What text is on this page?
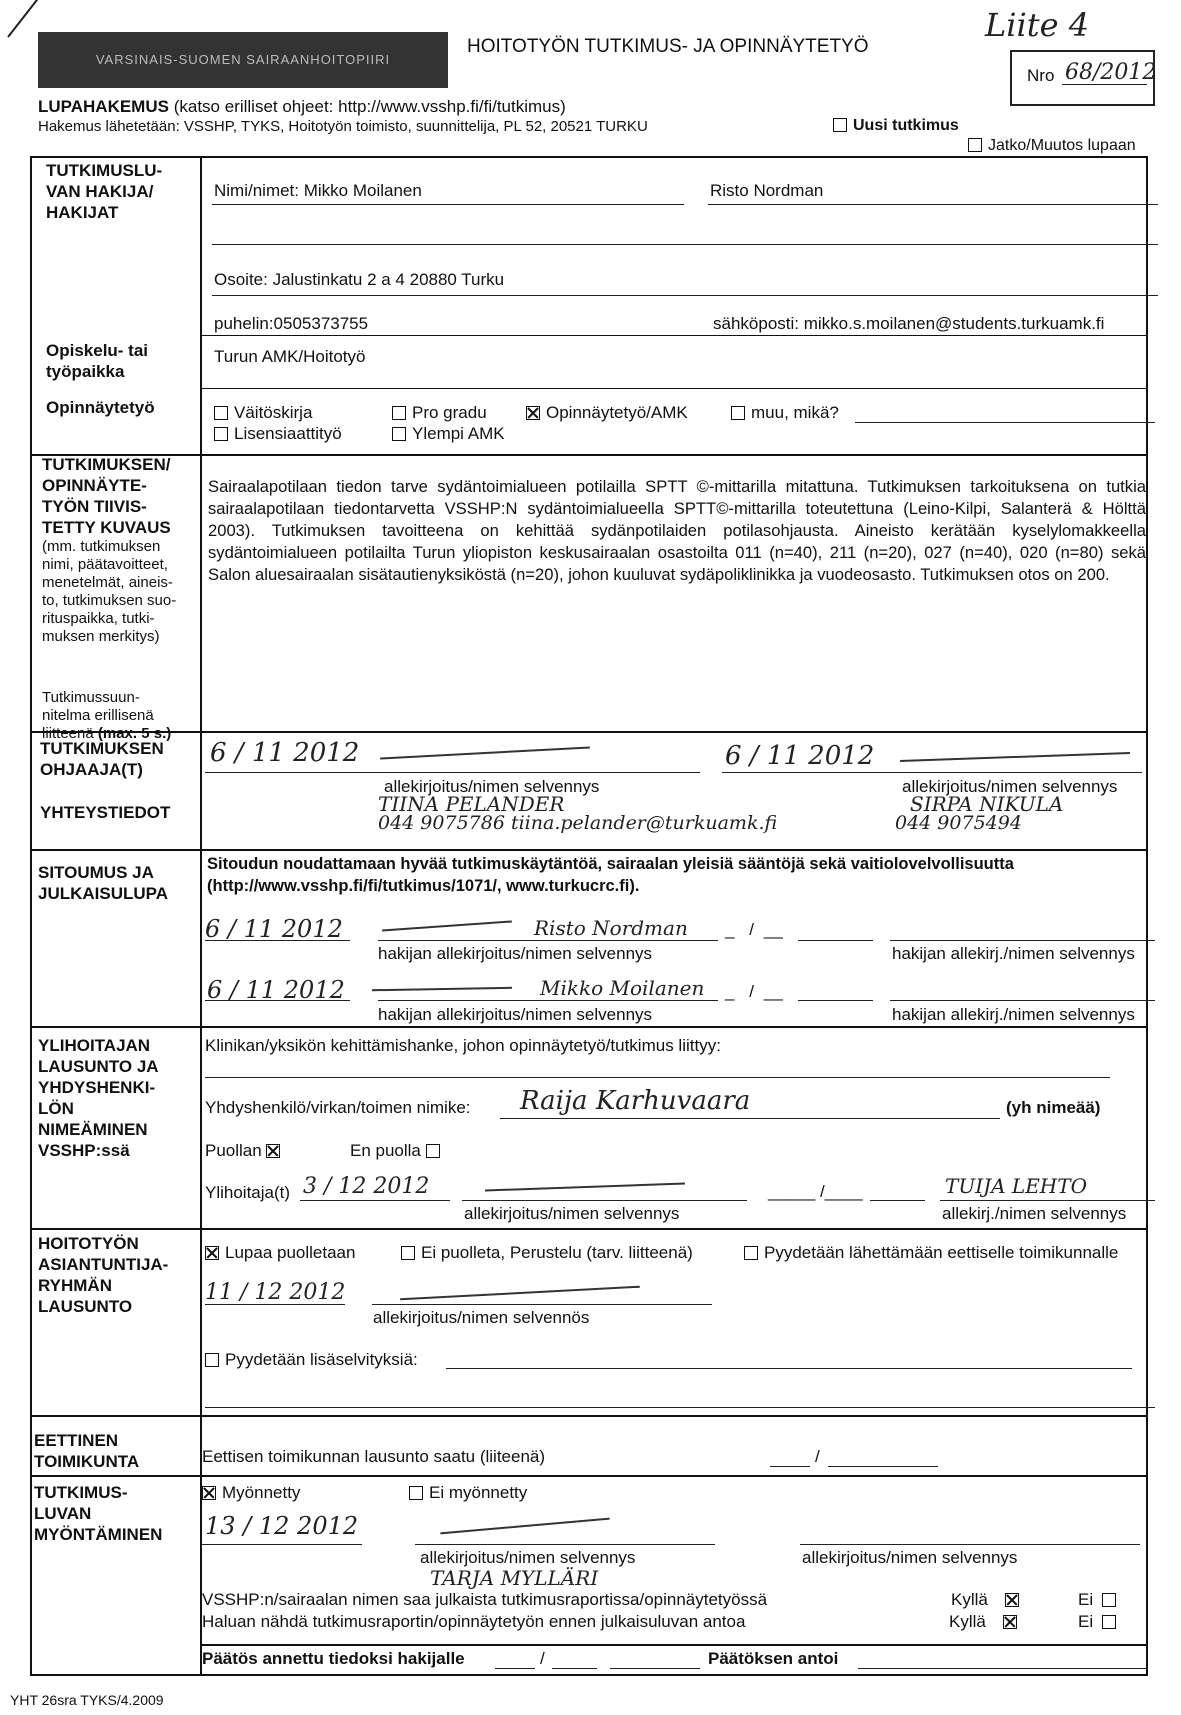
VARSINAIS-SUOMEN SAIRAANHOITOPIIRI
HOITOTYÖN TUTKIMUS- JA OPINNÄYTETYÖ
Liite 4
Nro 68/2012
LUPAHAKEMUS (katso erilliset ohjeet: http://www.vsshp.fi/fi/tutkimus)
Hakemus lähetetään: VSSHP, TYKS, Hoitotyön toimisto, suunnittelija, PL 52, 20521 TURKU	Uusi tutkimus
Jatko/Muutos lupaan
TUTKIMUSLU-
VAN HAKIJA/
HAKIJAT
Nimi/nimet: Mikko Moilanen	Risto Nordman
Osoite: Jalustinkatu 2 a 4 20880 Turku
puhelin:0505373755	sähköposti: mikko.s.moilanen@students.turkuamk.fi
Opiskelu- tai
työpaikka
Turun AMK/Hoitotyö
Opinnäytetyö	Väitöskirja	Pro gradu	Opinnäytetyö/AMK	muu, mikä?
Lisensiaattityö	Ylempi AMK
TUTKIMUKSEN/
OPINNÄYTE-
TYÖN TIIVIS-
TETTY KUVAUS
(mm. tutkimuksen
nimi, päätavoitteet,
menetelmät, aineis-
to, tutkimuksen suo-
rituspaikka, tutki-
muksen merkitys)

Tutkimussuun-
nitelma erillisenä
liitteenä (max. 5 s.)

Sairaalapotilaan tiedon tarve sydäntoimialueen potilailla SPTT ©-mittarilla mitattuna. Tutkimuksen tarkoituksena on tutkia sairaalapotilaan tiedontarvetta VSSHP:N sydäntoimialueella SPTT©-mittarilla toteutettuna (Leino-Kilpi, Salanterä & Hölttä 2003). Tutkimuksen tavoitteena on kehittää sydänpotilaiden potilasohjausta. Aineisto kerätään kyselylomakkeella sydäntoimialueen potilailta Turun yliopiston keskusairaalan osastoilta 011 (n=40), 211 (n=20), 027 (n=40), 020 (n=80) sekä Salon aluesairaalan sisätautienyksiköstä (n=20), johon kuuluvat sydäpoliklinikka ja vuodeosasto. Tutkimuksen otos on 200.
TUTKIMUKSEN
OHJAAJA(T)
YHTEYSTIEDOT
6 / 11 2012
allekirjoitus/nimen selvennys
TIINA PELANDER
044 9075786 tiina.pelander@turkuamk.fi
6 / 11 2012
allekirjoitus/nimen selvennys
SIRPA NIKULA
044 9075494
SITOUMUS JA
JULKAISULUPA
Sitoudun noudattamaan hyvää tutkimuskäytäntöä, sairaalan yleisiä sääntöjä sekä vaitiolovelvollisuutta (http://www.vsshp.fi/fi/tutkimus/1071/, www.turkucrc.fi).
6 / 11 2012	Risto Nordman
hakijan allekirjoitus/nimen selvennys
_ / __
hakijan allekirj./nimen selvennys
6 / 11 2012	Mikko Moilanen
hakijan allekirjoitus/nimen selvennys
_ / __
hakijan allekirj./nimen selvennys
YLIHOITAJAN
LAUSUNTO JA
YHDYSHENKI-
LÖN
NIMEÄMINEN
VSSHP:ssä
Klinikan/yksikön kehittämishanke, johon opinnäytetyö/tutkimus liittyy:
Yhdyshenkilö/virkan/toimen nimike: Raija Karhuvaara	(yh nimeää)
Puollan	En puolla
Ylihoitaja(t) 3 / 12 2012
allekirjoitus/nimen selvennys
_____ /____	TUIJA LEHTO
allekirj./nimen selvennys
HOITOTYÖN
ASIANTUNTIJA-
RYHMÄN
LAUSUNTO
Lupaa puolletaan	Ei puolleta, Perustelu (tarv. liitteenä)	Pyydetään lähettämään eettiselle toimikunnalle
11 / 12 2012
allekirjoitus/nimen selvennös
Pyydetään lisäselvityksiä:
EETTINEN
TOIMIKUNTA	Eettisen toimikunnan lausunto saatu (liiteenä)	/
TUTKIMUS-
LUVAN
MYÖNTÄMINEN
Myönnetty	Ei myönnetty
13 / 12 2012
allekirjoitus/nimen selvennys
TARJA MYLLÄRI
allekirjoitus/nimen selvennys
VSSHP:n/sairaalan nimen saa julkaista tutkimusraportissa/opinnäytetyössä	Kyllä	Ei
Haluan nähdä tutkimusraportin/opinnäytetyön ennen julkaisuluvan antoa	Kyllä	Ei
Päätös annettu tiedoksi hakijalle	/	Päätöksen antoi
YHT 26sra TYKS/4.2009
